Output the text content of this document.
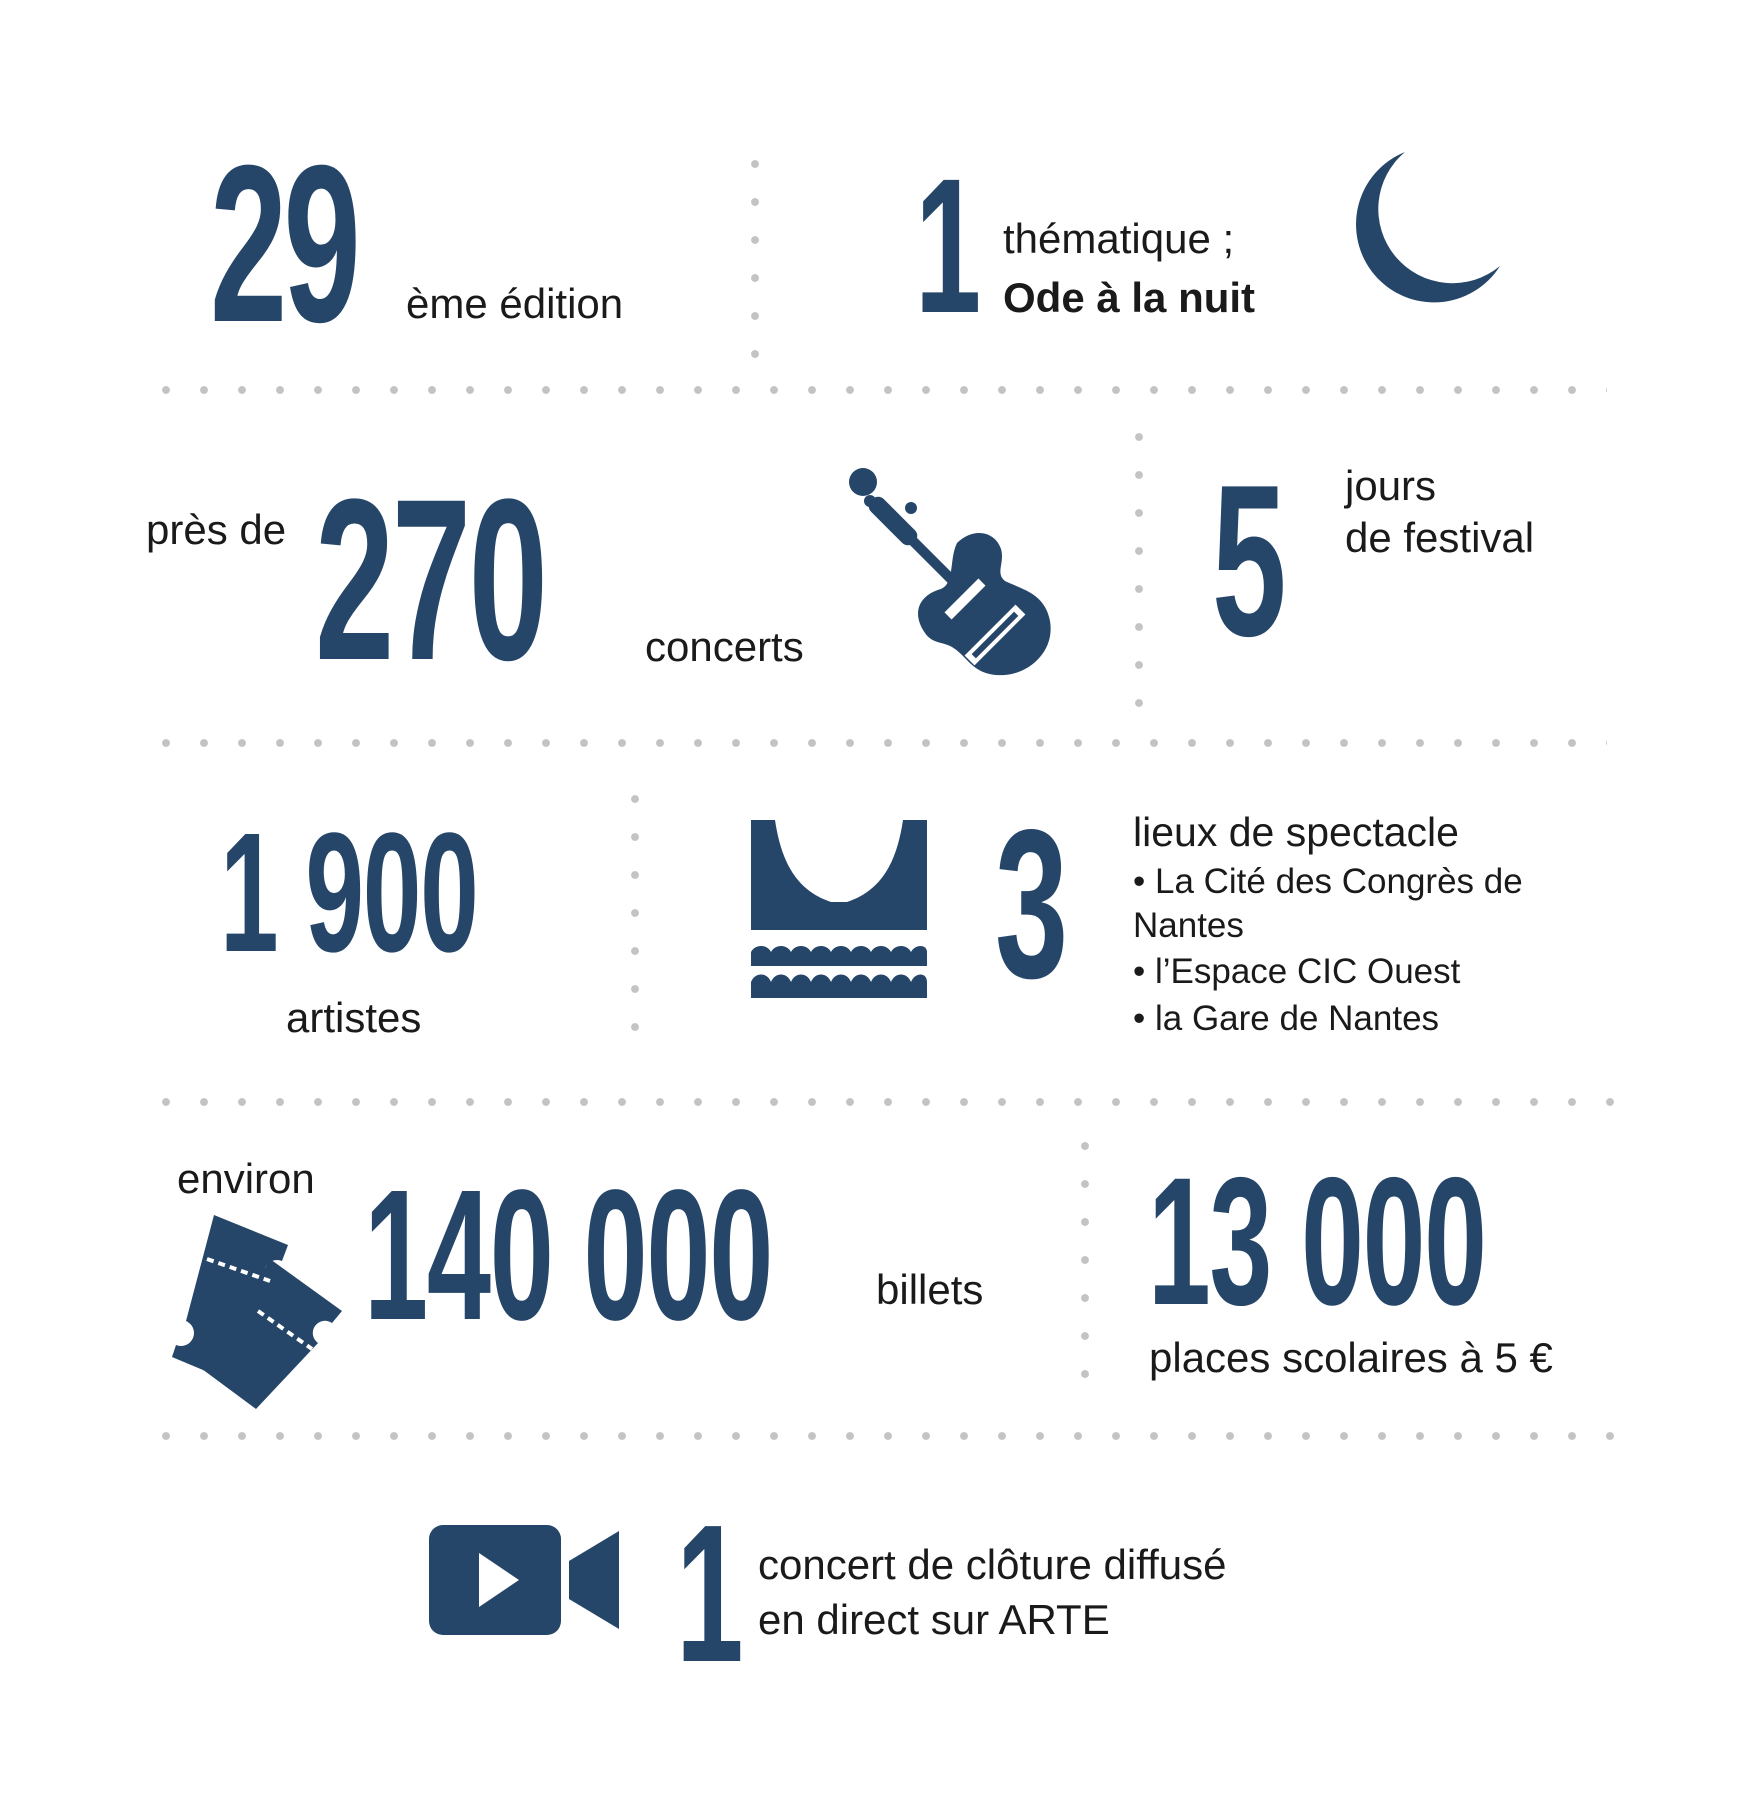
29 ème édition 1 thématique ;
Ode à la nuit
près de 270 concerts 5 jours
de festival
1 900
artistes	3 lieux de spectacle
• La Cité des Congrès de
Nantes
• l’Espace CIC Ouest
• la Gare de Nantes
environ 140 000 billets 13 000
places scolaires à 5 €
1 concert de clôture diffusé
en direct sur ARTE
